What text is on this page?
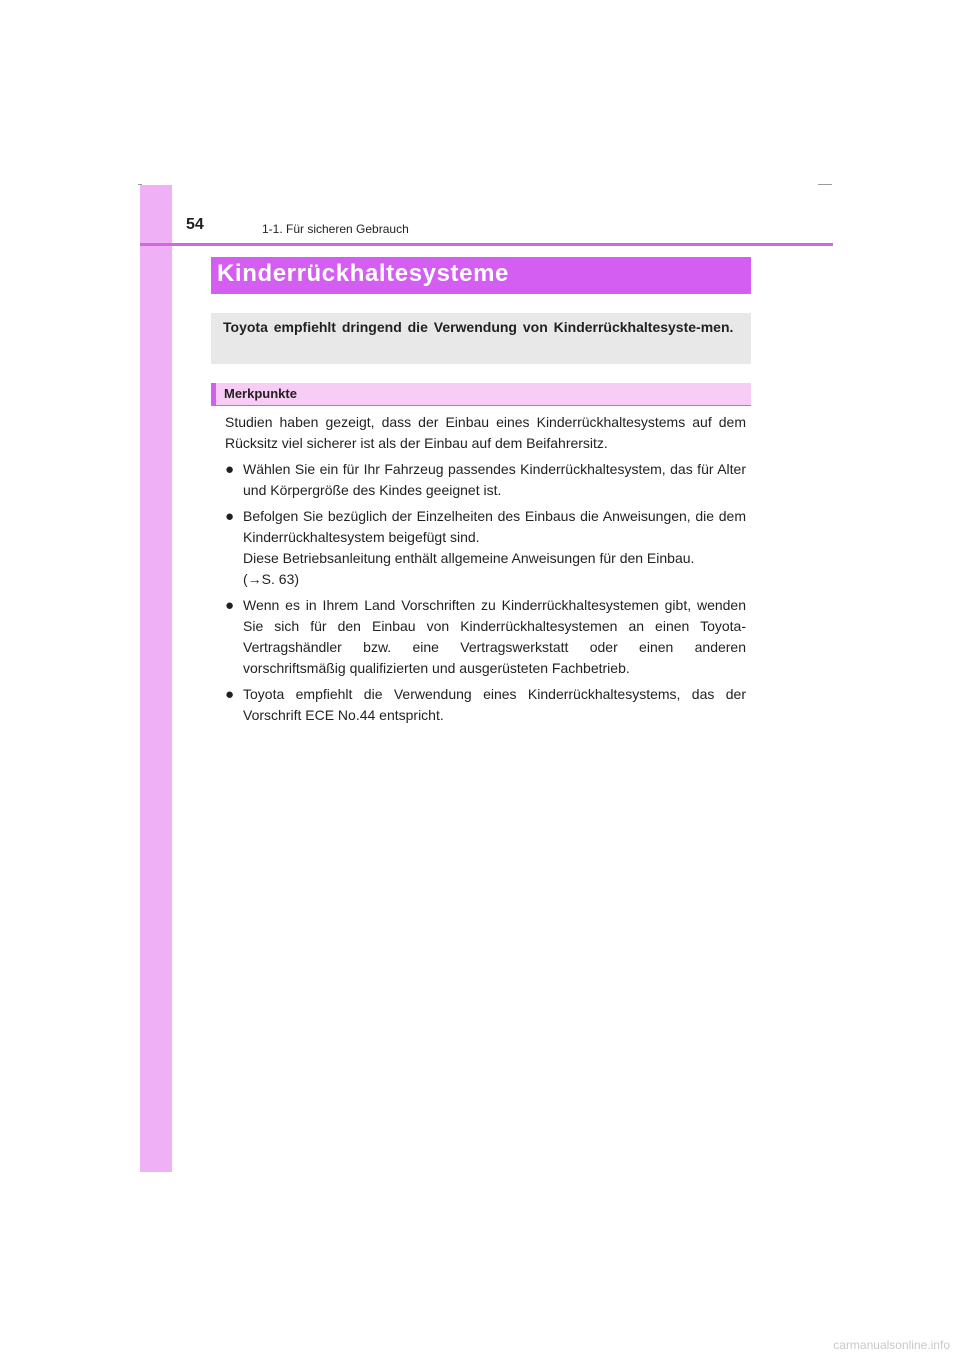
54	1-1. Für sicheren Gebrauch
Kinderrückhaltesysteme

Toyota empfiehlt dringend die Verwendung von Kinderrückhaltesyste-men.

Merkpunkte

Studien haben gezeigt, dass der Einbau eines Kinderrückhaltesystems auf dem Rücksitz viel sicherer ist als der Einbau auf dem Beifahrersitz.

● Wählen Sie ein für Ihr Fahrzeug passendes Kinderrückhaltesystem, das für Alter und Körpergröße des Kindes geeignet ist.

● Befolgen Sie bezüglich der Einzelheiten des Einbaus die Anweisungen, die dem Kinderrückhaltesystem beigefügt sind.

Diese Betriebsanleitung enthält allgemeine Anweisungen für den Einbau.

(→S. 63)

● Wenn es in Ihrem Land Vorschriften zu Kinderrückhaltesystemen gibt, wenden Sie sich für den Einbau von Kinderrückhaltesystemen an einen Toyota-Vertragshändler bzw. eine Vertragswerkstatt oder einen anderen vorschriftsmäßig qualifizierten und ausgerüsteten Fachbetrieb.

● Toyota empfiehlt die Verwendung eines Kinderrückhaltesystems, das der Vorschrift ECE No.44 entspricht.

carmanualsonline.info
